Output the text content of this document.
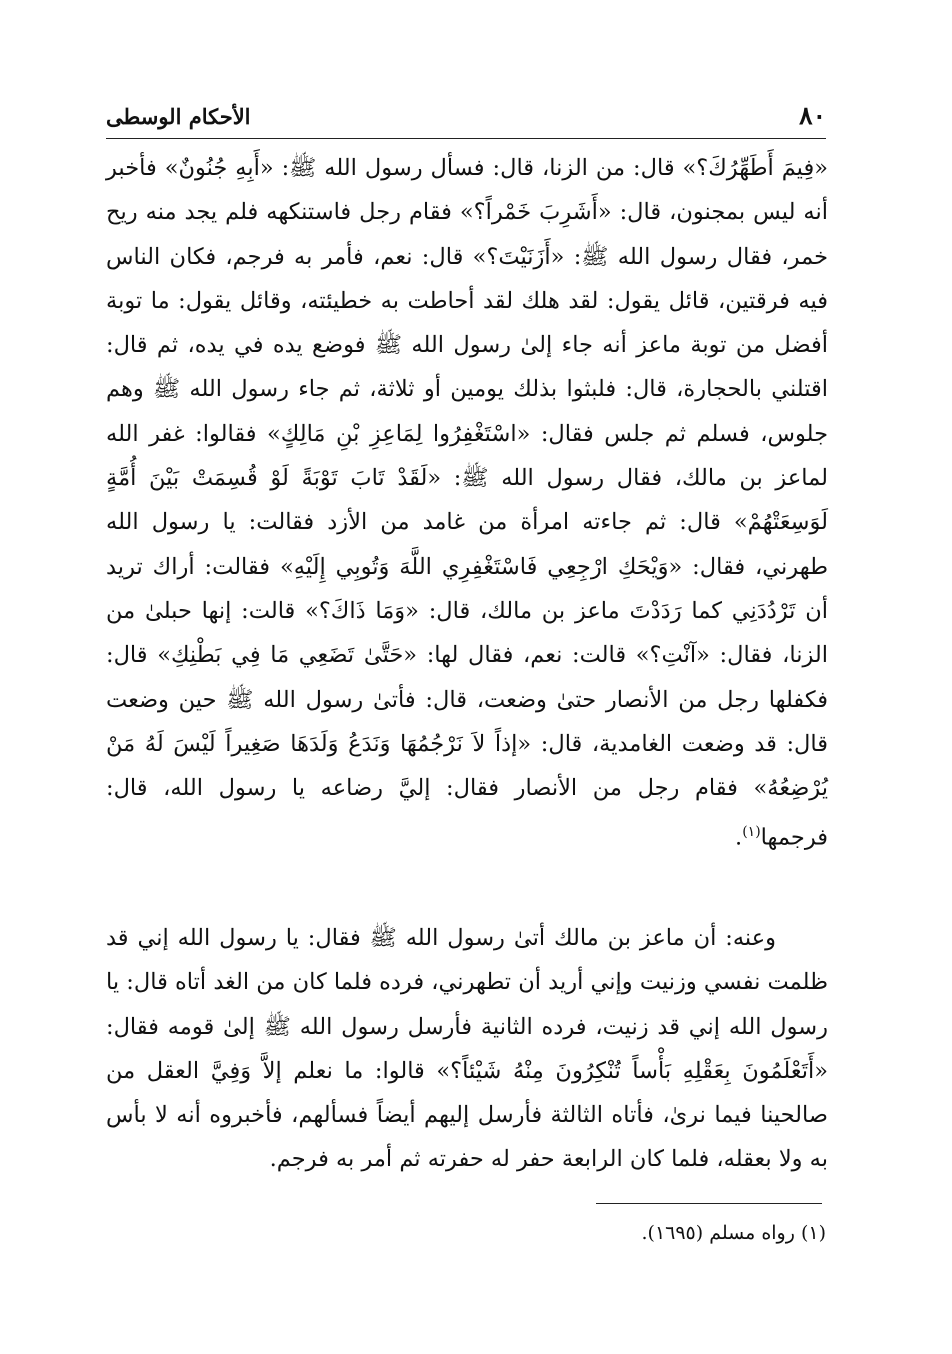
٨٠
الأحكام الوسطى

«فِيمَ أَطَهِّرُكَ؟» قال: من الزنا، قال: فسأل رسول الله ﷺ: «أَبِهِ جُنُونٌ» فأخبر أنه ليس بمجنون، قال: «أَشَرِبَ خَمْراً؟» فقام رجل فاستنكهه فلم يجد منه ريح خمر، فقال رسول الله ﷺ: «أَزَنَيْتَ؟» قال: نعم، فأمر به فرجم، فكان الناس فيه فرقتين، قائل يقول: لقد هلك لقد أحاطت به خطيئته، وقائل يقول: ما توبة أفضل من توبة ماعز أنه جاء إلىٰ رسول الله ﷺ فوضع يده في يده، ثم قال: اقتلني بالحجارة، قال: فلبثوا بذلك يومين أو ثلاثة، ثم جاء رسول الله ﷺ وهم جلوس، فسلم ثم جلس فقال: «اسْتَغْفِرُوا لِمَاعِزِ بْنِ مَالِكٍ» فقالوا: غفر الله لماعز بن مالك، فقال رسول الله ﷺ: «لَقَدْ تَابَ تَوْبَةً لَوْ قُسِمَتْ بَيْنَ أُمَّةٍ لَوَسِعَتْهُمْ» قال: ثم جاءته امرأة من غامد من الأزد فقالت: يا رسول الله طهرني، فقال: «وَيْحَكِ ارْجِعِي فَاسْتَغْفِرِي اللَّهَ وَتُوبِي إِلَيْهِ» فقالت: أراك تريد أن تَرْدُدَنِي كما رَدَدْتَ ماعز بن مالك، قال: «وَمَا ذَاكَ؟» قالت: إنها حبلىٰ من الزنا، فقال: «آنْتِ؟» قالت: نعم، فقال لها: «حَتَّىٰ تَضَعِي مَا فِي بَطْنِكِ» قال: فكفلها رجل من الأنصار حتىٰ وضعت، قال: فأتىٰ رسول الله ﷺ حين وضعت قال: قد وضعت الغامدية، قال: «إذاً لاَ نَرْجُمُهَا وَنَدَعُ وَلَدَهَا صَغِيراً لَيْسَ لَهُ مَنْ يُرْضِعُهُ» فقام رجل من الأنصار فقال: إليَّ رضاعه يا رسول الله، قال: فرجمها$^{(١)}$.

وعنه: أن ماعز بن مالك أتىٰ رسول الله ﷺ فقال: يا رسول الله إني قد ظلمت نفسي وزنيت وإني أريد أن تطهرني، فرده فلما كان من الغد أتاه قال: يا رسول الله إني قد زنيت، فرده الثانية فأرسل رسول الله ﷺ إلىٰ قومه فقال: «أَتَعْلَمُونَ بِعَقْلِهِ بَأْساً تُنْكِرُونَ مِنْهُ شَيْئاً؟» قالوا: ما نعلم إلاَّ وَفِيَّ العقل من صالحينا فيما نرىٰ، فأتاه الثالثة فأرسل إليهم أيضاً فسألهم، فأخبروه أنه لا بأس به ولا بعقله، فلما كان الرابعة حفر له حفرته ثم أمر به فرجم.

(١) رواه مسلم (١٦٩٥).
